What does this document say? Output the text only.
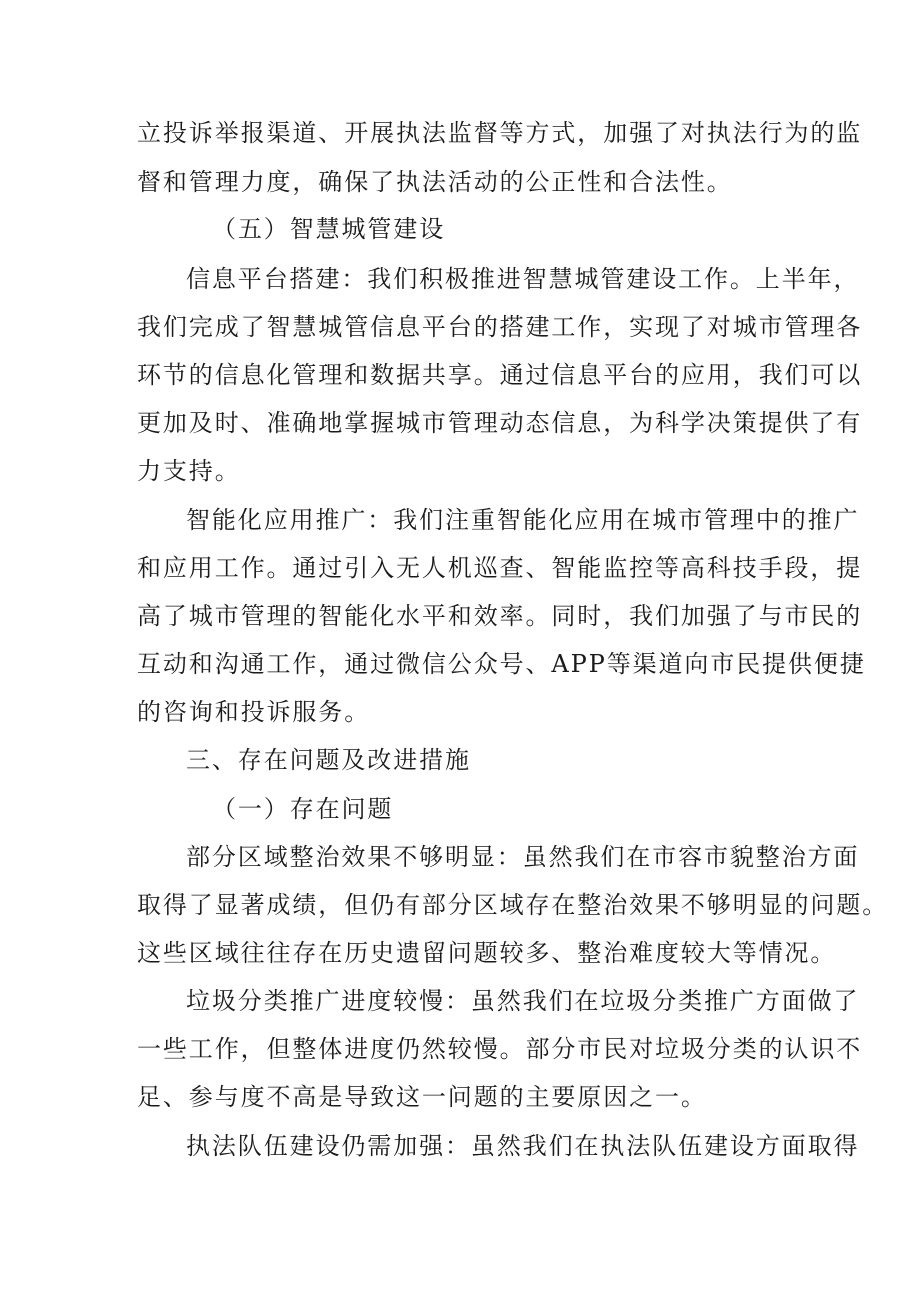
立投诉举报渠道、开展执法监督等方式，加强了对执法行为的监
督和管理力度，确保了执法活动的公正性和合法性。
（五）智慧城管建设
信息平台搭建：我们积极推进智慧城管建设工作。上半年，
我们完成了智慧城管信息平台的搭建工作，实现了对城市管理各
环节的信息化管理和数据共享。通过信息平台的应用，我们可以
更加及时、准确地掌握城市管理动态信息，为科学决策提供了有
力支持。
智能化应用推广：我们注重智能化应用在城市管理中的推广
和应用工作。通过引入无人机巡查、智能监控等高科技手段，提
高了城市管理的智能化水平和效率。同时，我们加强了与市民的
互动和沟通工作，通过微信公众号、APP等渠道向市民提供便捷
的咨询和投诉服务。
三、存在问题及改进措施
（一）存在问题
部分区域整治效果不够明显：虽然我们在市容市貌整治方面
取得了显著成绩，但仍有部分区域存在整治效果不够明显的问题。
这些区域往往存在历史遗留问题较多、整治难度较大等情况。
垃圾分类推广进度较慢：虽然我们在垃圾分类推广方面做了
一些工作，但整体进度仍然较慢。部分市民对垃圾分类的认识不
足、参与度不高是导致这一问题的主要原因之一。
执法队伍建设仍需加强：虽然我们在执法队伍建设方面取得
